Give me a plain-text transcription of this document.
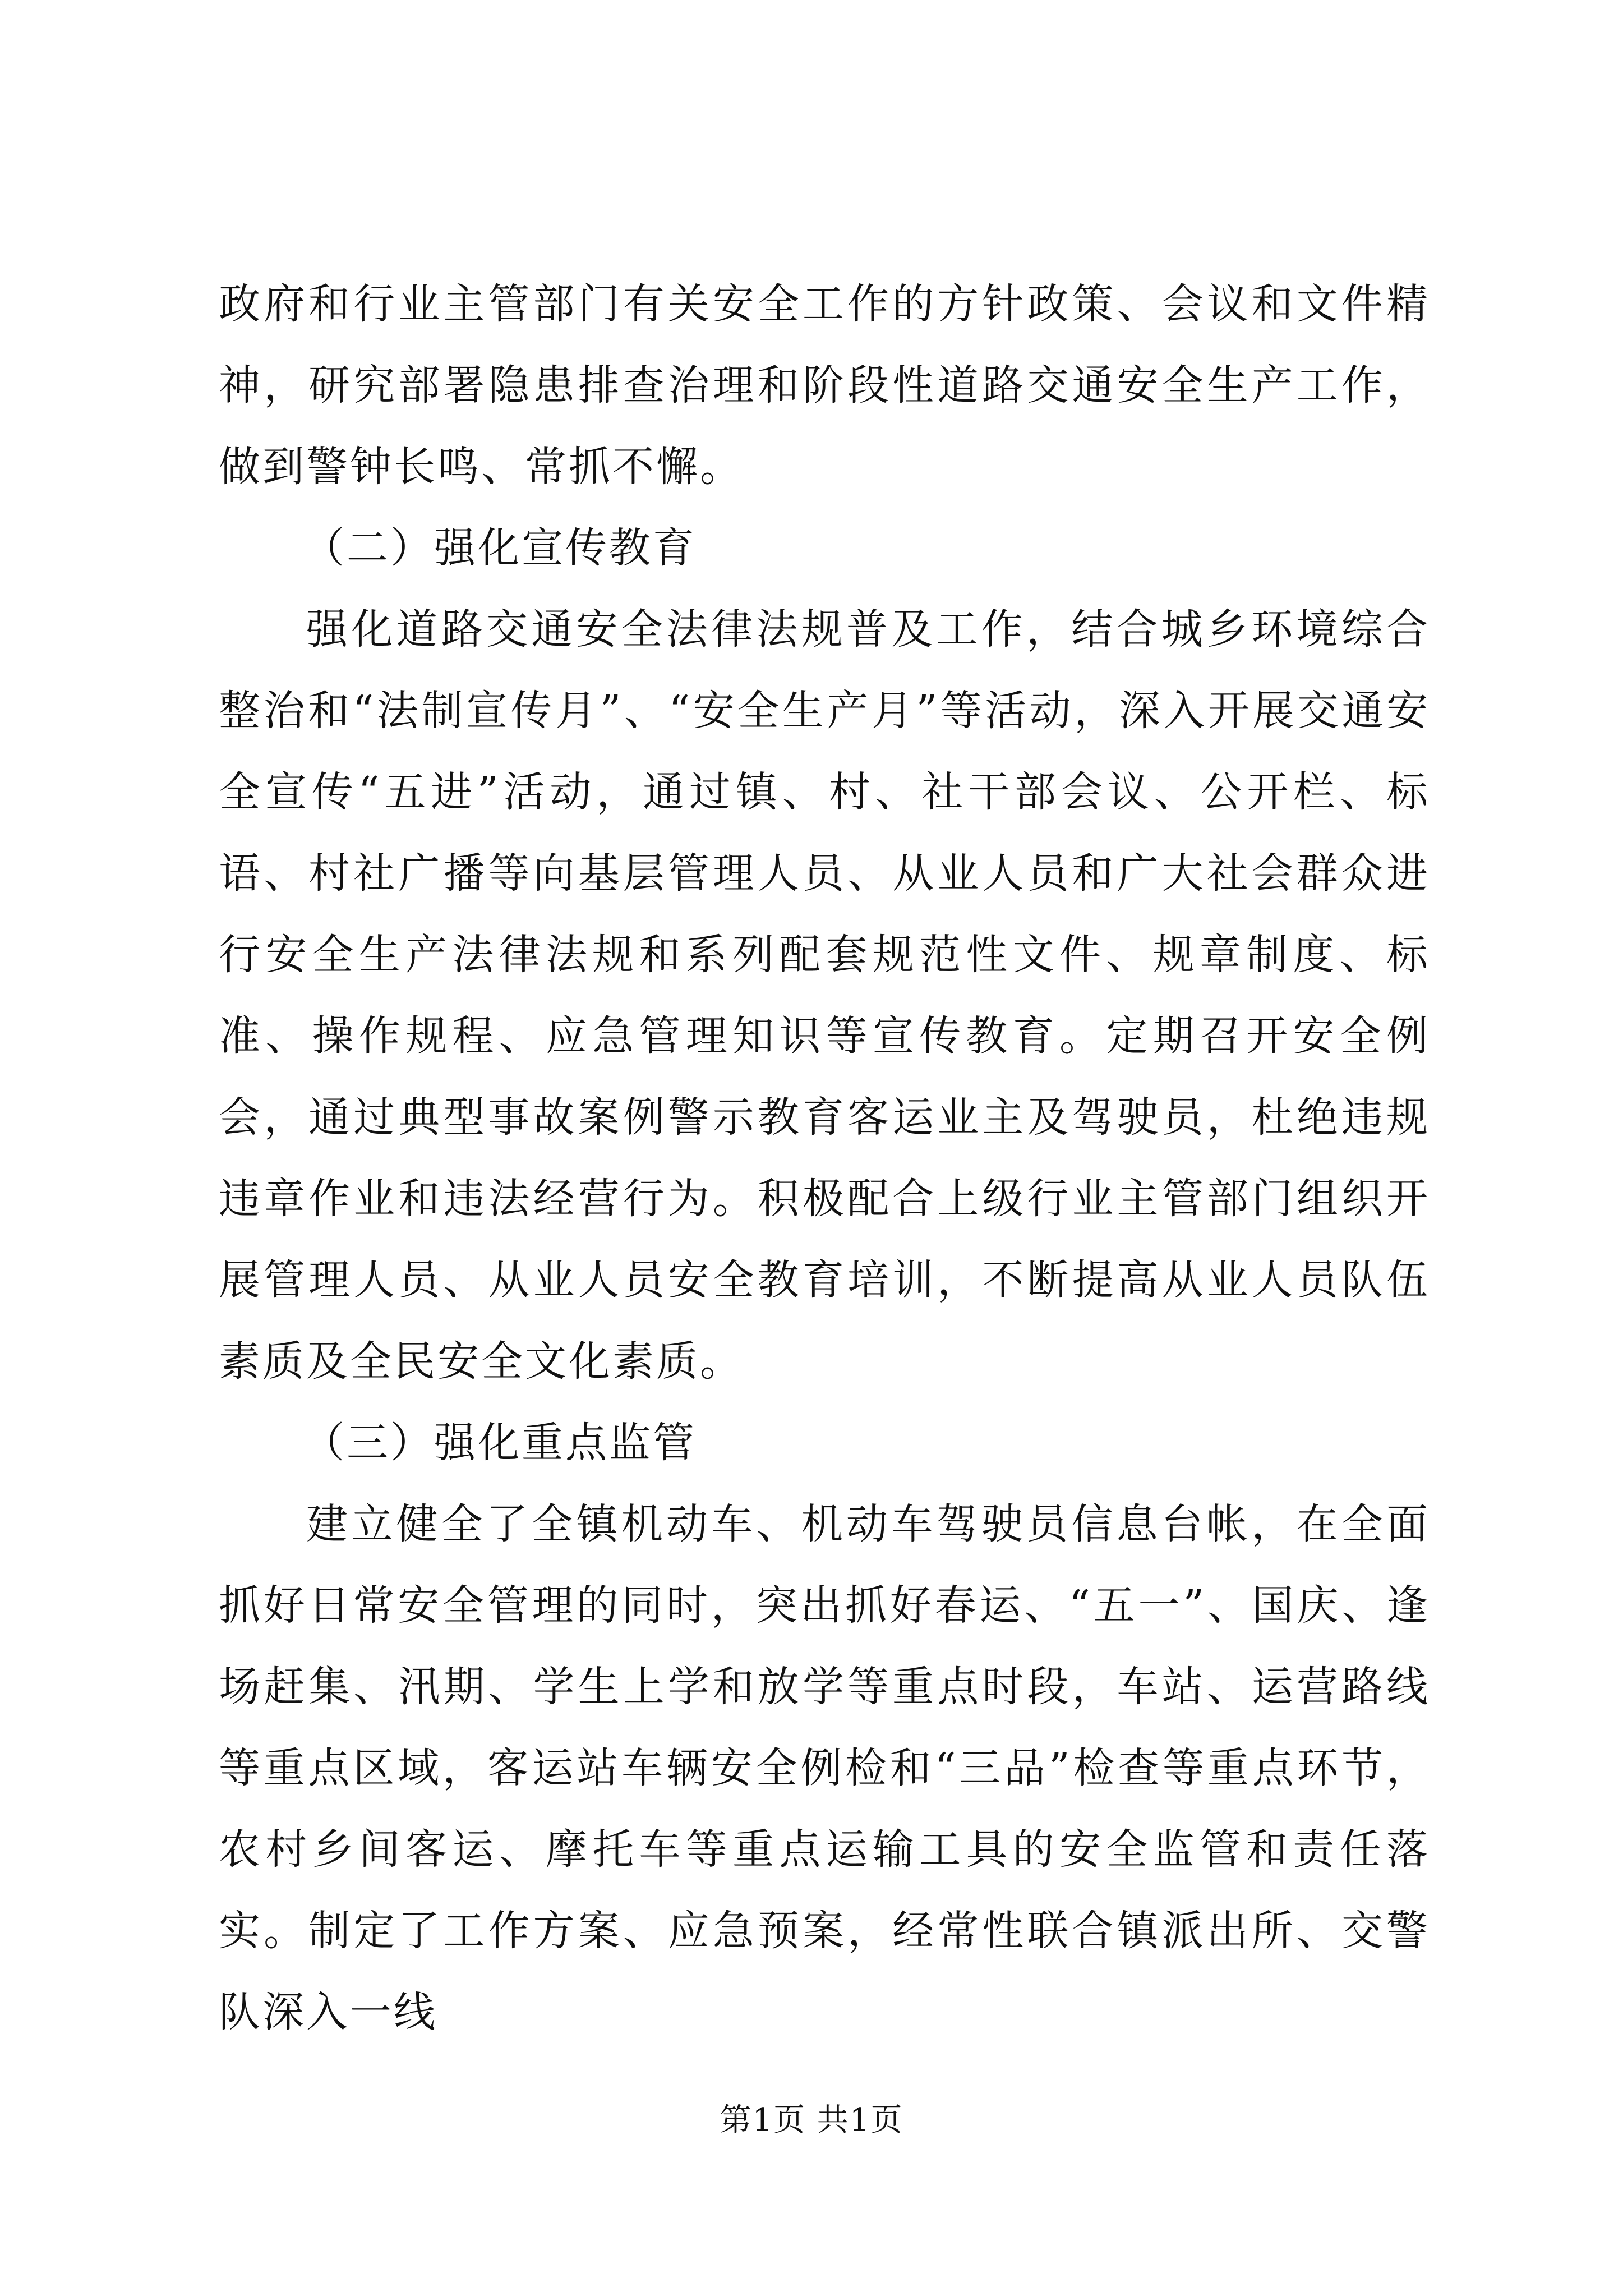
政府和行业主管部门有关安全工作的方针政策、会议和文件精神，研究部署隐患排查治理和阶段性道路交通安全生产工作，做到警钟长鸣、常抓不懈。

（二）强化宣传教育

强化道路交通安全法律法规普及工作，结合城乡环境综合整治和“法制宣传月”、“安全生产月”等活动，深入开展交通安全宣传“五进”活动，通过镇、村、社干部会议、公开栏、标语、村社广播等向基层管理人员、从业人员和广大社会群众进行安全生产法律法规和系列配套规范性文件、规章制度、标准、操作规程、应急管理知识等宣传教育。定期召开安全例会，通过典型事故案例警示教育客运业主及驾驶员，杜绝违规违章作业和违法经营行为。积极配合上级行业主管部门组织开展管理人员、从业人员安全教育培训，不断提高从业人员队伍素质及全民安全文化素质。

（三）强化重点监管

建立健全了全镇机动车、机动车驾驶员信息台帐，在全面抓好日常安全管理的同时，突出抓好春运、“五一”、国庆、逢场赶集、汛期、学生上学和放学等重点时段，车站、运营路线等重点区域，客运站车辆安全例检和“三品”检查等重点环节，农村乡间客运、摩托车等重点运输工具的安全监管和责任落实。制定了工作方案、应急预案，经常性联合镇派出所、交警队深入一线

第1页 共1页
